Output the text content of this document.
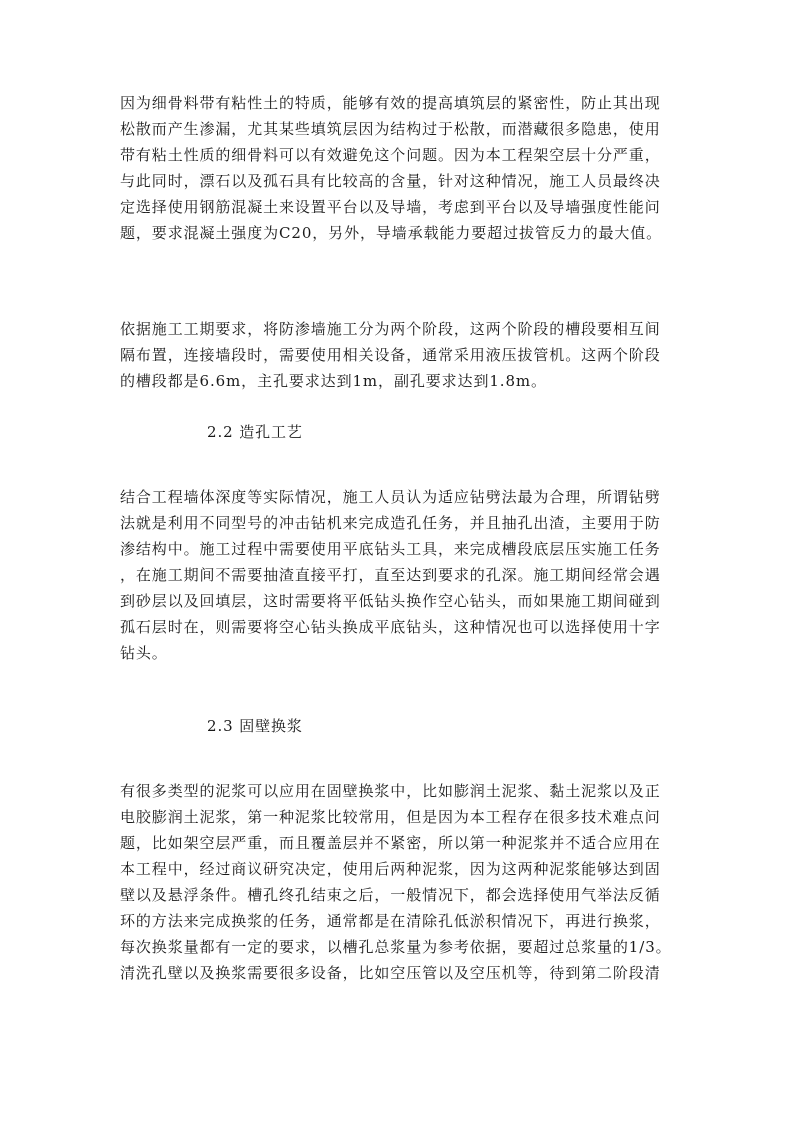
因为细骨料带有粘性土的特质，能够有效的提高填筑层的紧密性，防止其出现
松散而产生渗漏，尤其某些填筑层因为结构过于松散，而潜藏很多隐患，使用
带有粘土性质的细骨料可以有效避免这个问题。因为本工程架空层十分严重，
与此同时，漂石以及孤石具有比较高的含量，针对这种情况，施工人员最终决
定选择使用钢筋混凝土来设置平台以及导墙，考虑到平台以及导墙强度性能问
题，要求混凝土强度为C20，另外，导墙承载能力要超过拔管反力的最大值。
依据施工工期要求，将防渗墙施工分为两个阶段，这两个阶段的槽段要相互间
隔布置，连接墙段时，需要使用相关设备，通常采用液压拔管机。这两个阶段
的槽段都是6.6m，主孔要求达到1m，副孔要求达到1.8m。
2.2 造孔工艺
结合工程墙体深度等实际情况，施工人员认为适应钻劈法最为合理，所谓钻劈
法就是利用不同型号的冲击钻机来完成造孔任务，并且抽孔出渣，主要用于防
渗结构中。施工过程中需要使用平底钻头工具，来完成槽段底层压实施工任务
，在施工期间不需要抽渣直接平打，直至达到要求的孔深。施工期间经常会遇
到砂层以及回填层，这时需要将平低钻头换作空心钻头，而如果施工期间碰到
孤石层时在，则需要将空心钻头换成平底钻头，这种情况也可以选择使用十字
钻头。
2.3 固壁换浆
有很多类型的泥浆可以应用在固壁换浆中，比如膨润土泥浆、黏土泥浆以及正
电胶膨润土泥浆，第一种泥浆比较常用，但是因为本工程存在很多技术难点问
题，比如架空层严重，而且覆盖层并不紧密，所以第一种泥浆并不适合应用在
本工程中，经过商议研究决定，使用后两种泥浆，因为这两种泥浆能够达到固
壁以及悬浮条件。槽孔终孔结束之后，一般情况下，都会选择使用气举法反循
环的方法来完成换浆的任务，通常都是在清除孔低淤积情况下，再进行换浆，
每次换浆量都有一定的要求，以槽孔总浆量为参考依据，要超过总浆量的1/3。
清洗孔壁以及换浆需要很多设备，比如空压管以及空压机等，待到第二阶段清
